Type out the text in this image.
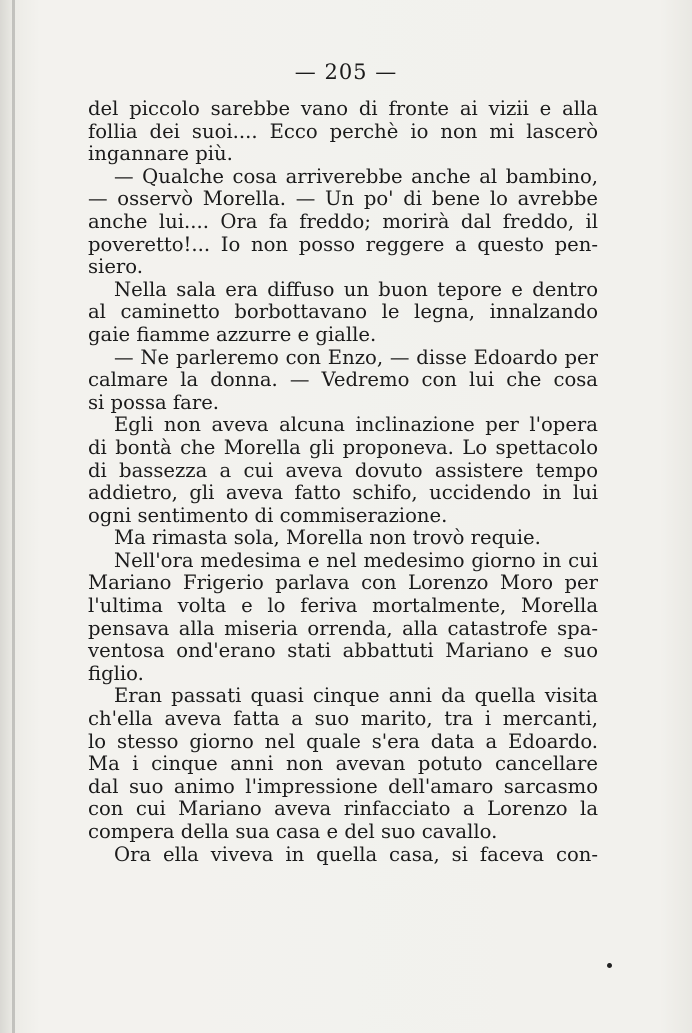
— 205 —
del piccolo sarebbe vano di fronte ai vizii e alla
follia dei suoi.... Ecco perchè io non mi lascerò
ingannare più.
— Qualche cosa arriverebbe anche al bambino,
— osservò Morella. — Un po' di bene lo avrebbe
anche lui.... Ora fa freddo; morirà dal freddo, il
poveretto!... Io non posso reggere a questo pen-
siero.
Nella sala era diffuso un buon tepore e dentro
al caminetto borbottavano le legna, innalzando
gaie fiamme azzurre e gialle.
— Ne parleremo con Enzo, — disse Edoardo per
calmare la donna. — Vedremo con lui che cosa
si possa fare.
Egli non aveva alcuna inclinazione per l'opera
di bontà che Morella gli proponeva. Lo spettacolo
di bassezza a cui aveva dovuto assistere tempo
addietro, gli aveva fatto schifo, uccidendo in lui
ogni sentimento di commiserazione.
Ma rimasta sola, Morella non trovò requie.
Nell'ora medesima e nel medesimo giorno in cui
Mariano Frigerio parlava con Lorenzo Moro per
l'ultima volta e lo feriva mortalmente, Morella
pensava alla miseria orrenda, alla catastrofe spa-
ventosa ond'erano stati abbattuti Mariano e suo
figlio.
Eran passati quasi cinque anni da quella visita
ch'ella aveva fatta a suo marito, tra i mercanti,
lo stesso giorno nel quale s'era data a Edoardo.
Ma i cinque anni non avevan potuto cancellare
dal suo animo l'impressione dell'amaro sarcasmo
con cui Mariano aveva rinfacciato a Lorenzo la
compera della sua casa e del suo cavallo.
Ora ella viveva in quella casa, si faceva con-
